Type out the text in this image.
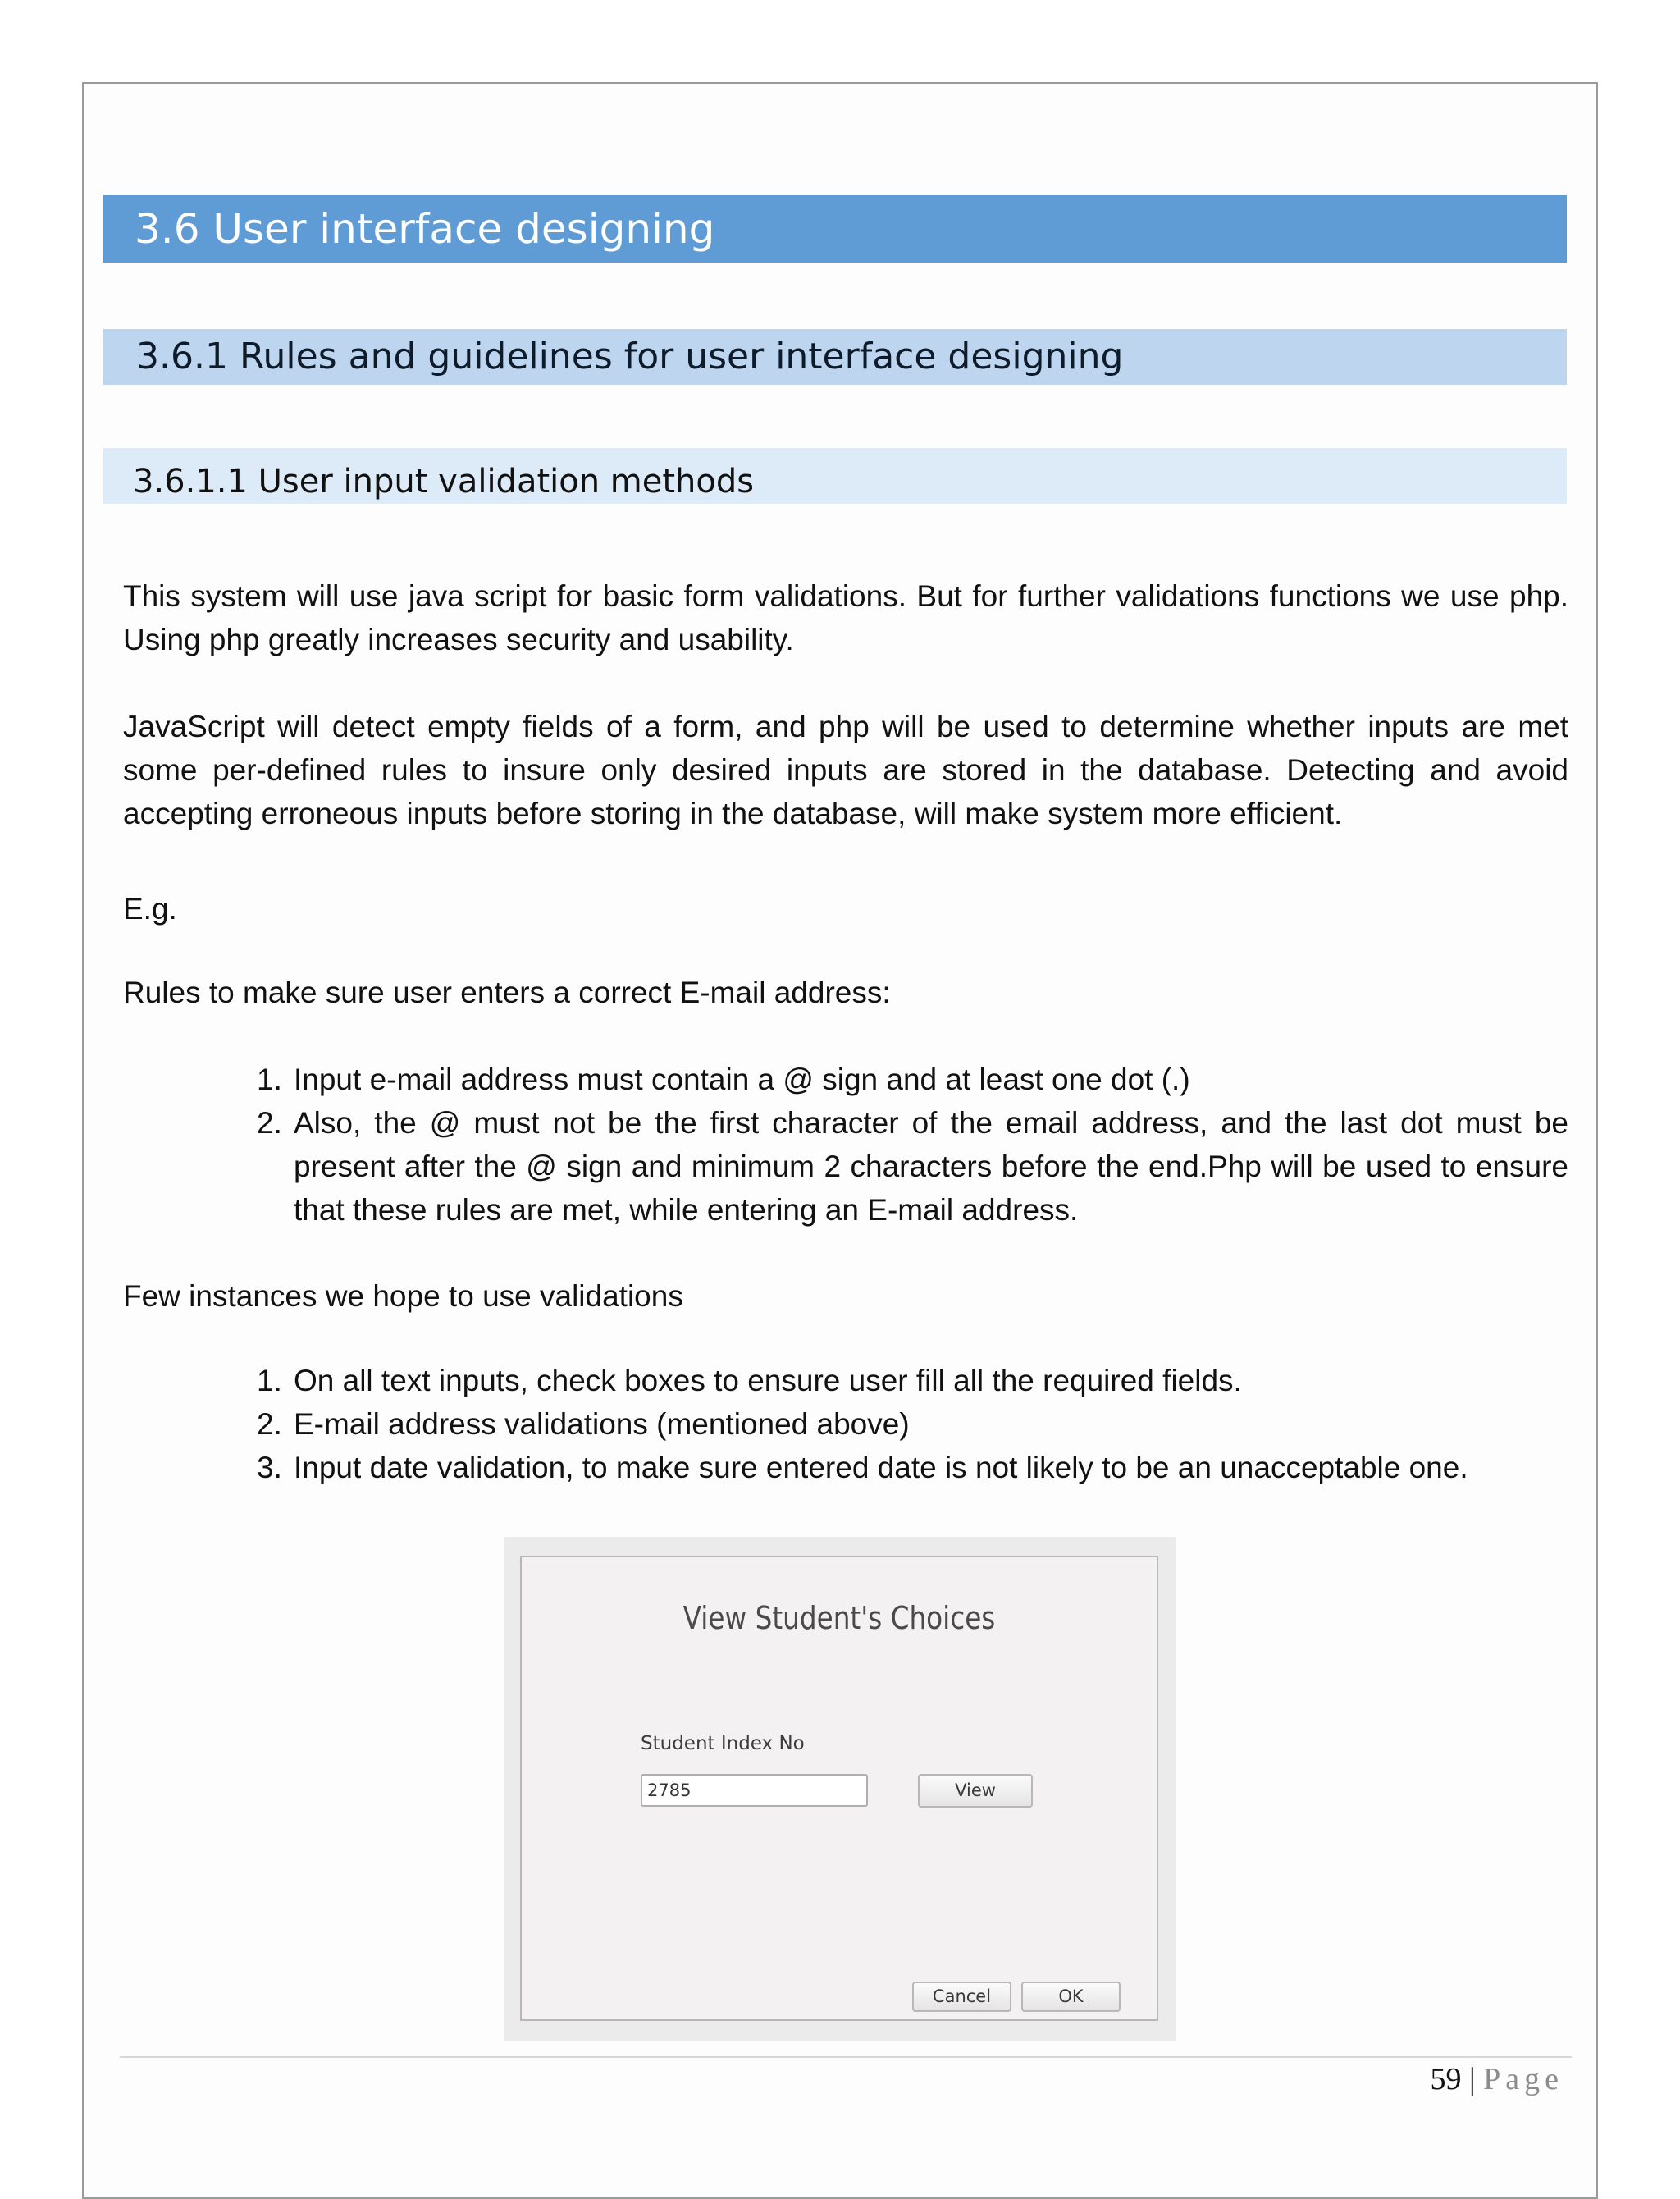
3.6 User interface designing
3.6.1 Rules and guidelines for user interface designing
3.6.1.1 User input validation methods

This system will use java script for basic form validations. But for further validations functions we use php. Using php greatly increases security and usability.

JavaScript will detect empty fields of a form, and php will be used to determine whether inputs are met some per-defined rules to insure only desired inputs are stored in the database. Detecting and avoid accepting erroneous inputs before storing in the database, will make system more efficient.

E.g.
Rules to make sure user enters a correct E-mail address:
1. Input e-mail address must contain a @ sign and at least one dot (.)
2. Also, the @ must not be the first character of the email address, and the last dot must be present after the @ sign and minimum 2 characters before the end.Php will be used to ensure that these rules are met, while entering an E-mail address.
Few instances we hope to use validations
1. On all text inputs, check boxes to ensure user fill all the required fields.
2. E-mail address validations (mentioned above)
3. Input date validation, to make sure entered date is not likely to be an unacceptable one.
View Student's Choices
Student Index No
2785	View
Cancel	OK
59 | Page
